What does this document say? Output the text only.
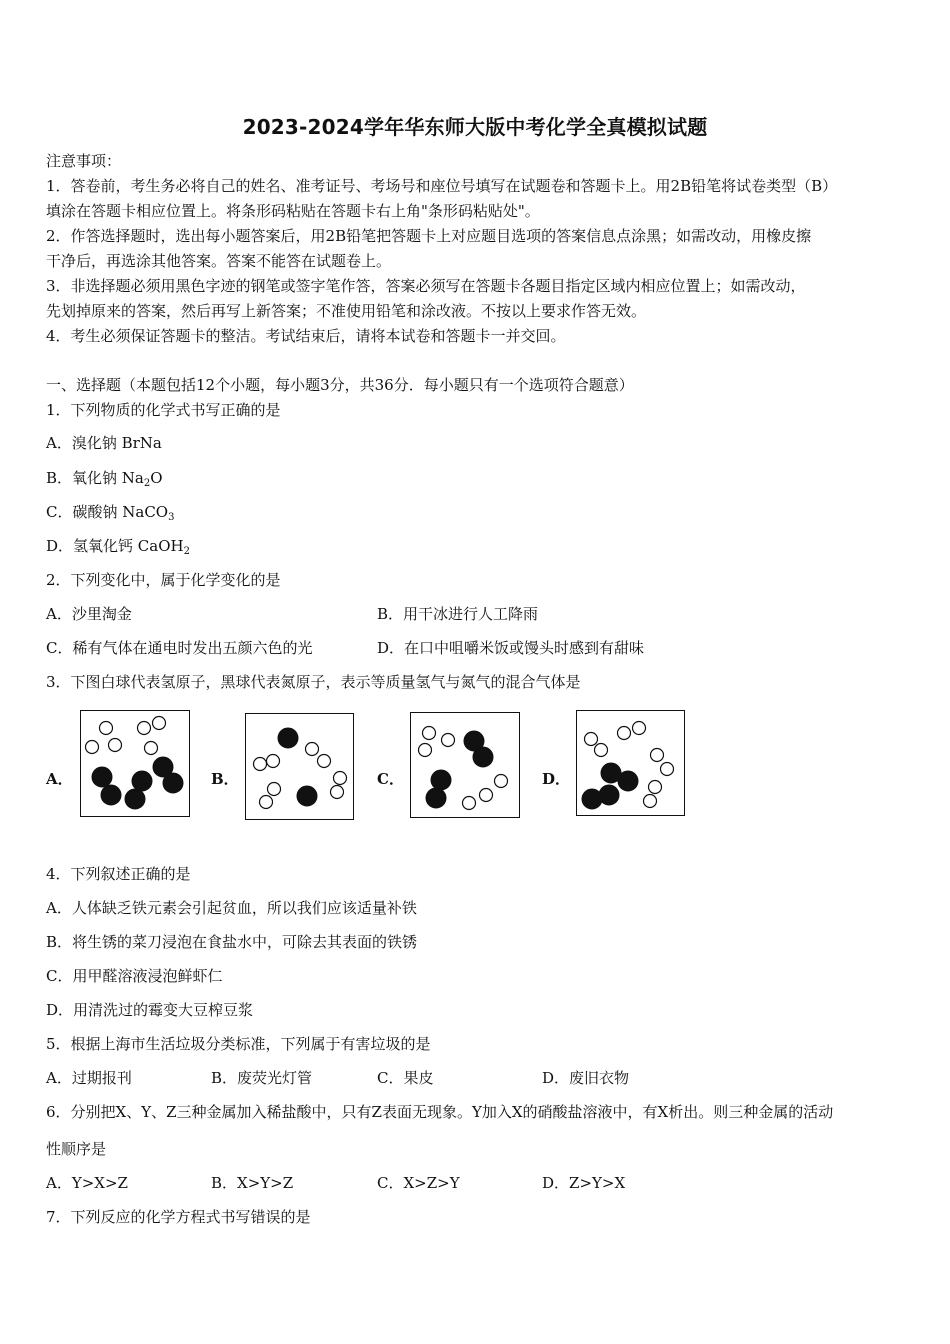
2023-2024学年华东师大版中考化学全真模拟试题
注意事项：
1．答卷前，考生务必将自己的姓名、准考证号、考场号和座位号填写在试题卷和答题卡上。用2B铅笔将试卷类型（B）
填涂在答题卡相应位置上。将条形码粘贴在答题卡右上角"条形码粘贴处"。
2．作答选择题时，选出每小题答案后，用2B铅笔把答题卡上对应题目选项的答案信息点涂黑；如需改动，用橡皮擦
干净后，再选涂其他答案。答案不能答在试题卷上。
3．非选择题必须用黑色字迹的钢笔或签字笔作答，答案必须写在答题卡各题目指定区域内相应位置上；如需改动，
先划掉原来的答案，然后再写上新答案；不准使用铅笔和涂改液。不按以上要求作答无效。
4．考生必须保证答题卡的整洁。考试结束后，请将本试卷和答题卡一并交回。
一、选择题（本题包括12个小题，每小题3分，共36分．每小题只有一个选项符合题意）
1．下列物质的化学式书写正确的是
A．溴化钠 BrNa
B．氧化钠 $Na_2O$
C．碳酸钠 NaCO$_3$
D．氢氧化钙 CaOH$_2$
2．下列变化中，属于化学变化的是
A．沙里淘金	B．用干冰进行人工降雨
C．稀有气体在通电时发出五颜六色的光	D．在口中咀嚼米饭或馒头时感到有甜味
3．下图白球代表氢原子，黑球代表氮原子，表示等质量氢气与氮气的混合气体是
A．	B．	C．	D．
4．下列叙述正确的是
A．人体缺乏铁元素会引起贫血，所以我们应该适量补铁
B．将生锈的菜刀浸泡在食盐水中，可除去其表面的铁锈
C．用甲醛溶液浸泡鲜虾仁
D．用清洗过的霉变大豆榨豆浆
5．根据上海市生活垃圾分类标准，下列属于有害垃圾的是
A．过期报刊	B．废荧光灯管	C．果皮	D．废旧衣物
6．分别把X、Y、Z三种金属加入稀盐酸中，只有Z表面无现象。Y加入X的硝酸盐溶液中，有X析出。则三种金属的活动
性顺序是
A．Y>X>Z	B．X>Y>Z	C．X>Z>Y	D．Z>Y>X
7．下列反应的化学方程式书写错误的是
